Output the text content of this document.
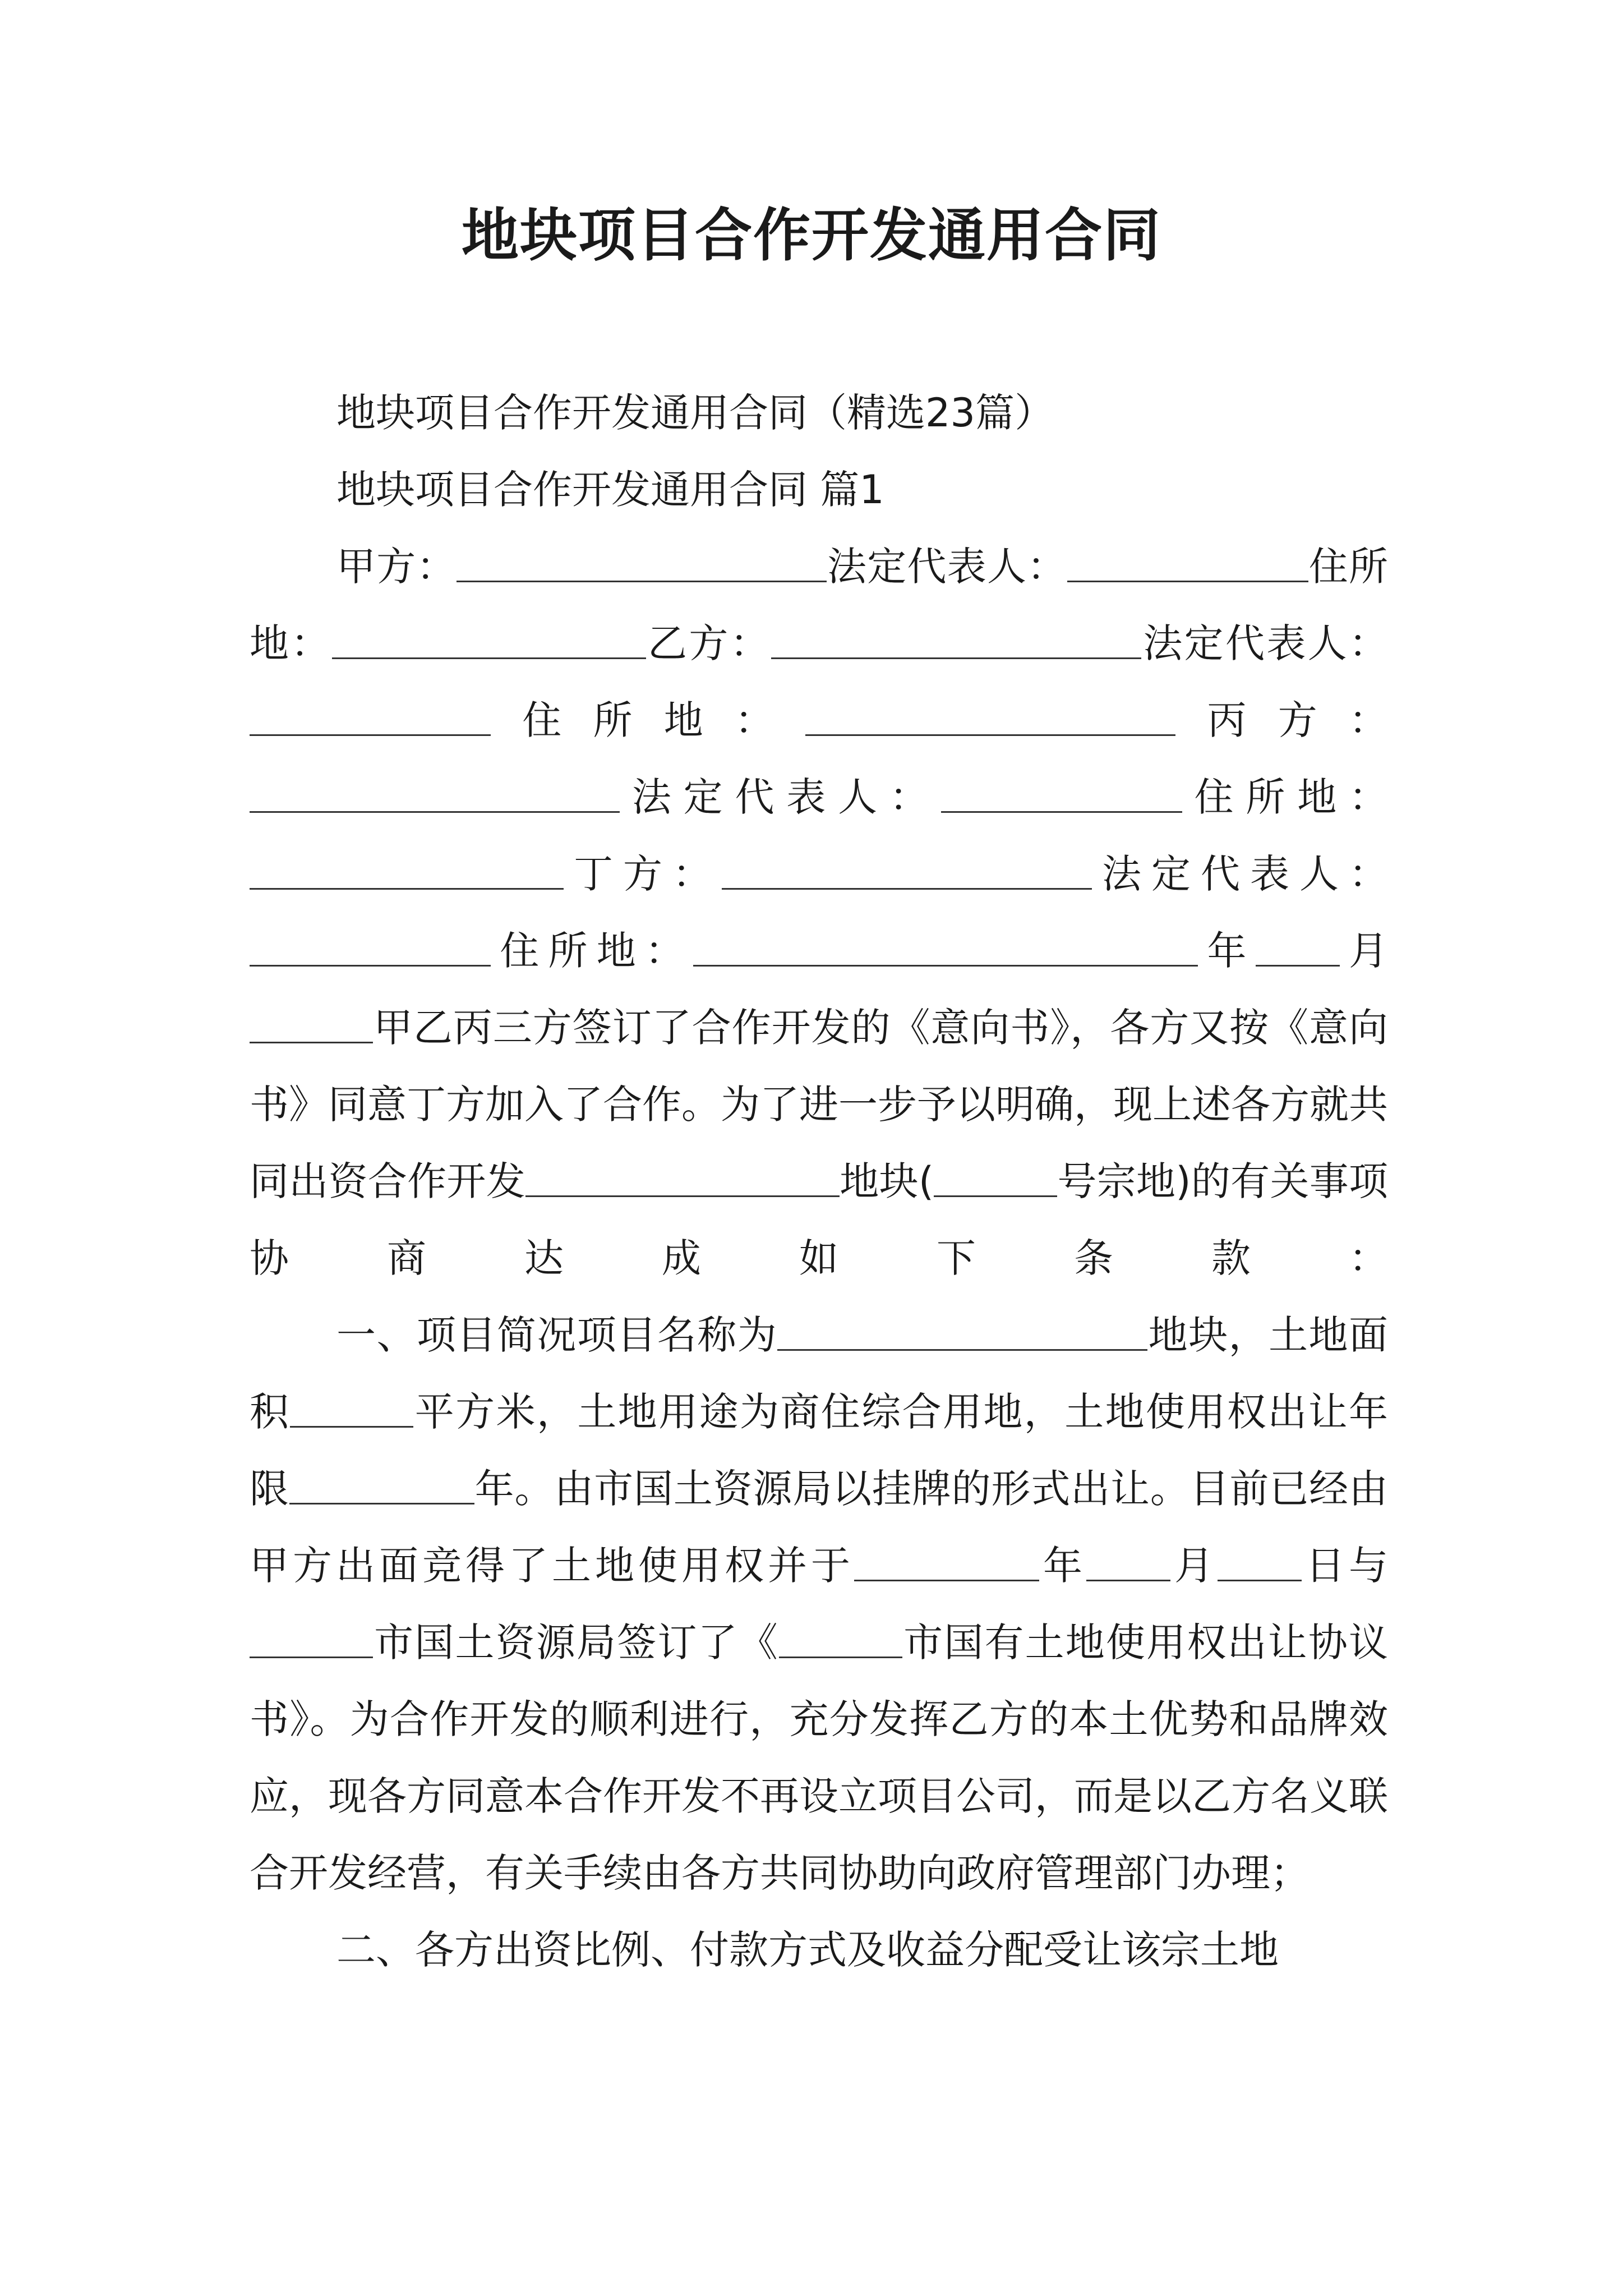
地块项目合作开发通用合同

地块项目合作开发通用合同（精选23篇）

地块项目合作开发通用合同 篇1

甲方：	法定代表人：	住所地：	乙方：	法定代表人：住所地：	丙方：法定代表人：	住所地：丁方：	法定代表人：住所地：	年 月甲乙丙三方签订了合作开发的《意向书》，各方又按《意向书》同意丁方加入了合作。为了进一步予以明确，现上述各方就共同出资合作开发	地块(	号宗地)的有关事项协商达成如下条款：

一、项目简况项目名称为	地块，土地面积	平方米，土地用途为商住综合用地，土地使用权出让年限	年。由市国土资源局以挂牌的形式出让。目前已经由甲方出面竞得了土地使用权并于	年 月 日与市国土资源局签订了《	市国有土地使用权出让协议书》。为合作开发的顺利进行，充分发挥乙方的本土优势和品牌效应，现各方同意本合作开发不再设立项目公司，而是以乙方名义联合开发经营，有关手续由各方共同协助向政府管理部门办理；

二、各方出资比例、付款方式及收益分配受让该宗土地
